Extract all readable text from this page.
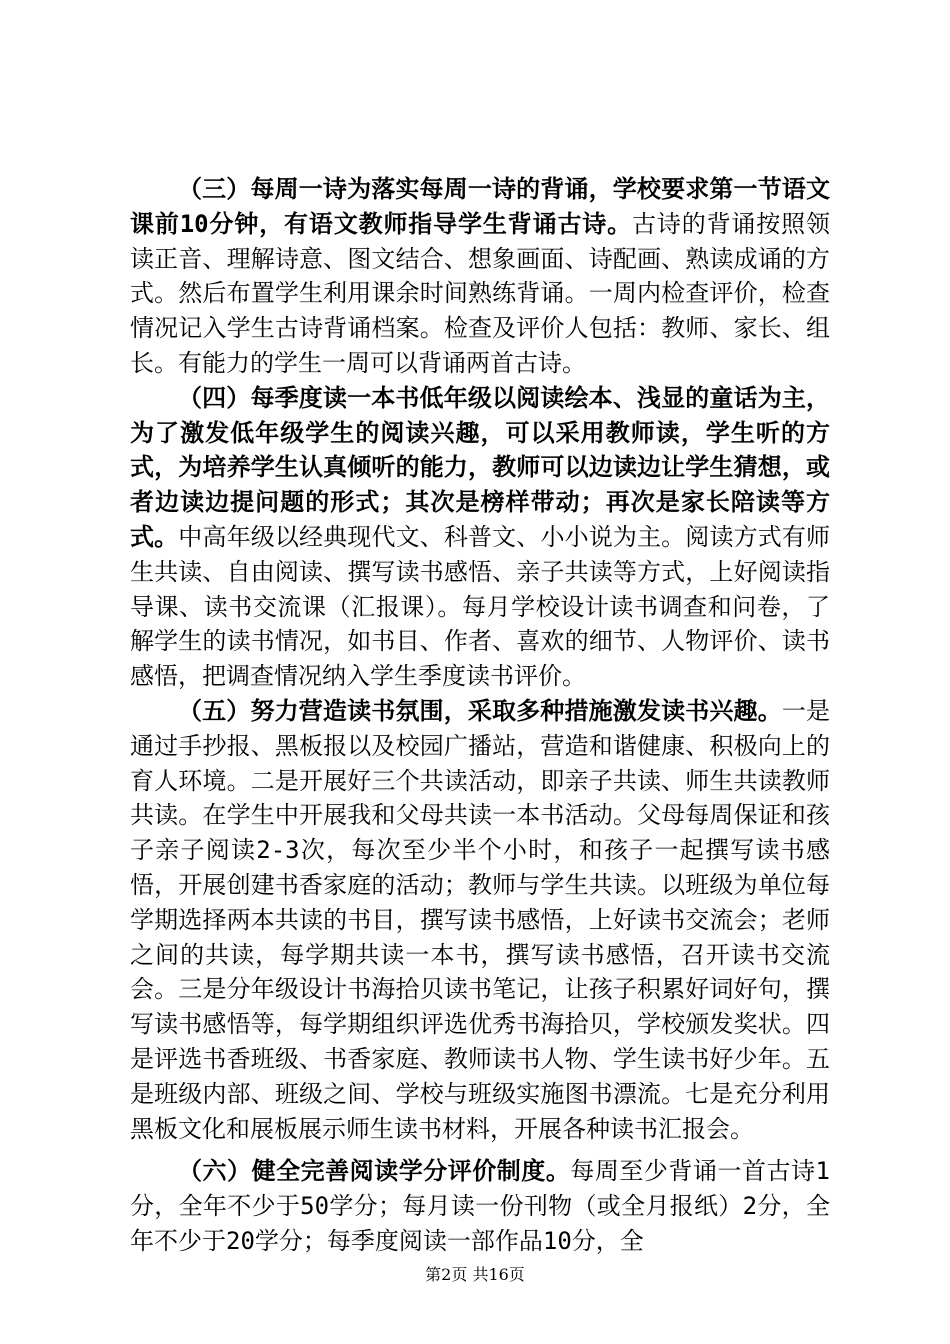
（三）每周一诗为落实每周一诗的背诵，学校要求第一节语文课前10分钟，有语文教师指导学生背诵古诗。古诗的背诵按照领读正音、理解诗意、图文结合、想象画面、诗配画、熟读成诵的方式。然后布置学生利用课余时间熟练背诵。一周内检查评价，检查情况记入学生古诗背诵档案。检查及评价人包括：教师、家长、组长。有能力的学生一周可以背诵两首古诗。

（四）每季度读一本书低年级以阅读绘本、浅显的童话为主，为了激发低年级学生的阅读兴趣，可以采用教师读，学生听的方式，为培养学生认真倾听的能力，教师可以边读边让学生猜想，或者边读边提问题的形式；其次是榜样带动；再次是家长陪读等方式。中高年级以经典现代文、科普文、小小说为主。阅读方式有师生共读、自由阅读、撰写读书感悟、亲子共读等方式，上好阅读指导课、读书交流课（汇报课）。每月学校设计读书调查和问卷，了解学生的读书情况，如书目、作者、喜欢的细节、人物评价、读书感悟，把调查情况纳入学生季度读书评价。

（五）努力营造读书氛围，采取多种措施激发读书兴趣。一是通过手抄报、黑板报以及校园广播站，营造和谐健康、积极向上的育人环境。二是开展好三个共读活动，即亲子共读、师生共读教师共读。在学生中开展我和父母共读一本书活动。父母每周保证和孩子亲子阅读2-3次，每次至少半个小时，和孩子一起撰写读书感悟，开展创建书香家庭的活动；教师与学生共读。以班级为单位每学期选择两本共读的书目，撰写读书感悟，上好读书交流会；老师之间的共读，每学期共读一本书，撰写读书感悟，召开读书交流会。三是分年级设计书海拾贝读书笔记，让孩子积累好词好句，撰写读书感悟等，每学期组织评选优秀书海拾贝，学校颁发奖状。四是评选书香班级、书香家庭、教师读书人物、学生读书好少年。五是班级内部、班级之间、学校与班级实施图书漂流。七是充分利用黑板文化和展板展示师生读书材料，开展各种读书汇报会。

（六）健全完善阅读学分评价制度。每周至少背诵一首古诗1分，全年不少于50学分；每月读一份刊物（或全月报纸）2分，全年不少于20学分；每季度阅读一部作品10分，全

第2页 共16页
